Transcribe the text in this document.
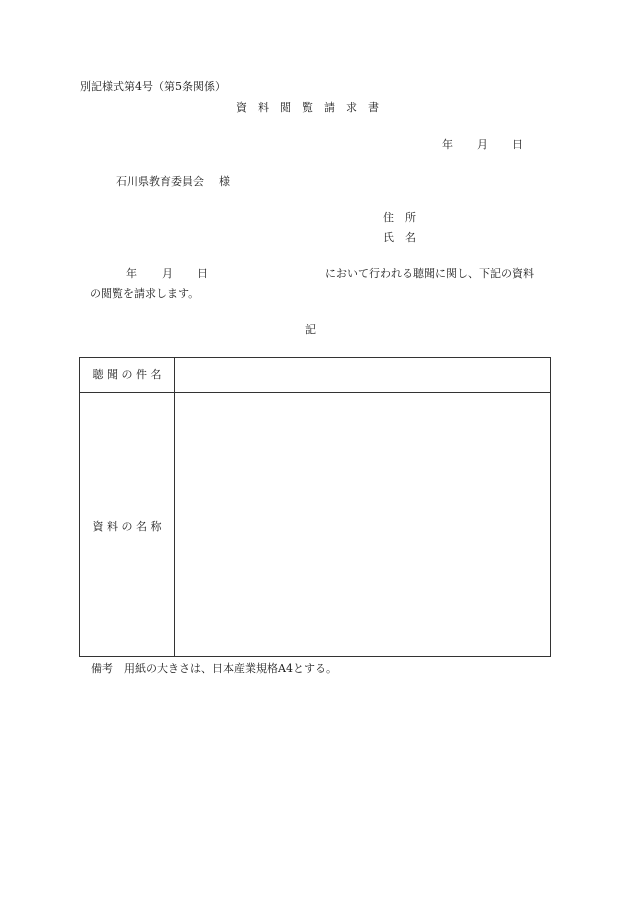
別記様式第4号（第5条関係）
資　料　閲　覧　請　求　書
年 月 日
石川県教育委員会 様
住　所
氏　名
年 月 日	において行われる聴聞に関し、下記の資料
の閲覧を請求します。
記
聴 聞 の 件 名
資 料 の 名 称
備考　用紙の大きさは、日本産業規格A4とする。
